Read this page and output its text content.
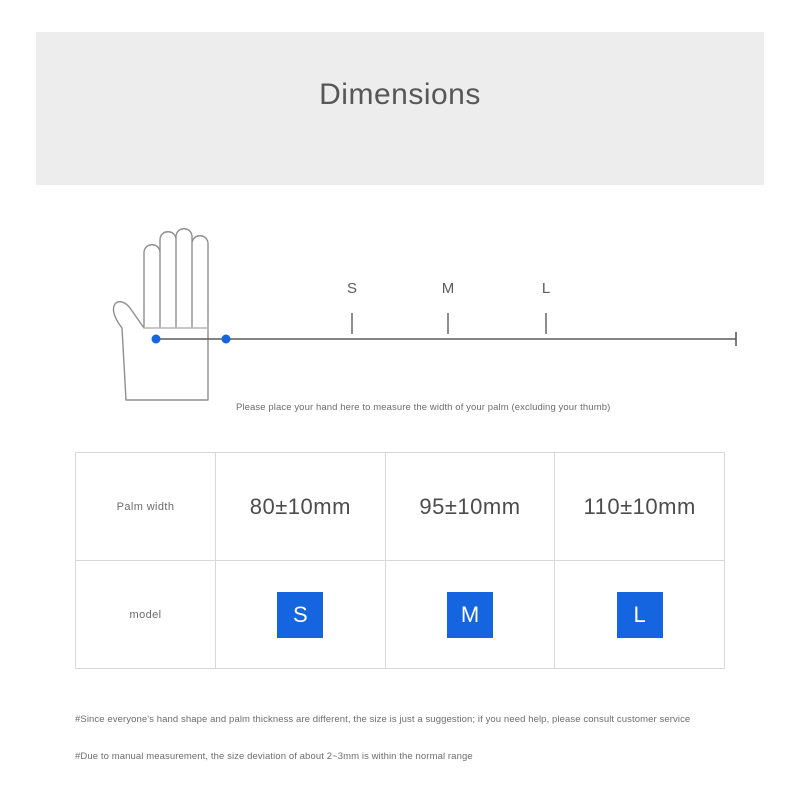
Dimensions
S	M	L
Please place your hand here to measure the width of your palm (excluding your thumb)
Palm width	80±10mm	95±10mm	110±10mm
model	S	M	L
#Since everyone's hand shape and palm thickness are different, the size is just a suggestion; if you need help, please consult customer service
#Due to manual measurement, the size deviation of about 2~3mm is within the normal range
